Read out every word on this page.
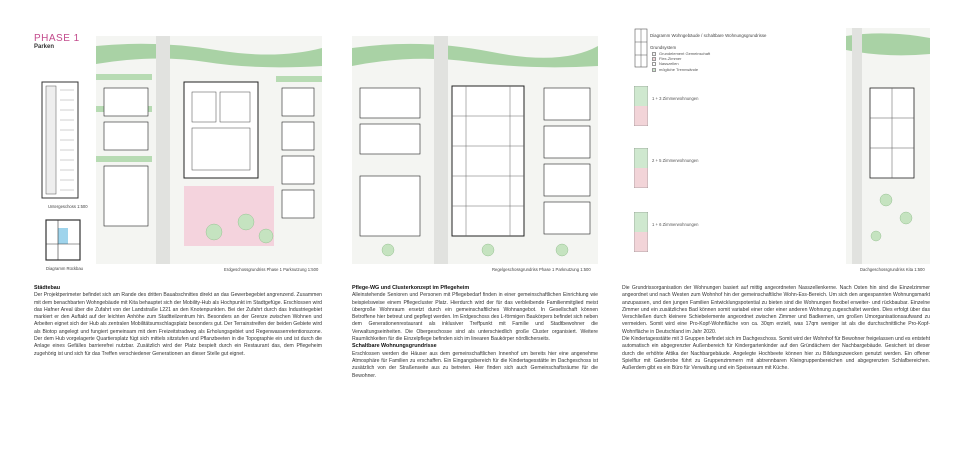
PHASE 1
Parken
Untergeschoss 1:500
Diagramm Rückbau	Erdgeschossgrundriss Phase 1 Parknutzung 1:500	Regelgeschossgrundriss Phase 1 Parknutzung 1:500
Diagramm Wohngebäude / schaltbare Wohnungsgrundrisse
Grundsystem
Grundelement Gemeinschaft
Flex-Zimmer
Nasszellen
mögliche Trennwände
1 + 3 Zimmerwohnungen
2 + 5 Zimmerwohnungen
1 + 6 Zimmerwohnungen
Dachgeschossgrundriss Kita 1:500
Städtebau

Der Projektperimeter befindet sich am Rande des dritten Bauabschnittes direkt an das Gewerbegebiet angrenzend. Zusammen mit dem benachbarten Wohngebäude mit Kita behauptet sich der Mobility-Hub als Hochpunkt im Stadtgefüge. Erschlossen wird das Hafner Areal über die Zufahrt von der Landstraße L221 an den Knotenpunkten. Bei der Zufahrt durch das Industriegebiet markiert er den Auftakt auf der leichten Anhöhe zum Stadtteilzentrum hin. Besonders an der Grenze zwischen Wohnen und Arbeiten eignet sich der Hub als zentralen Mobilitätsumschlagsplatz besonders gut. Der Terrainstreifen der beiden Gebiete wird als Biotop angelegt und fungiert gemeinsam mit dem Freizeitstradweg als Erholungsgebiet und Regenwasserretentionszone. Der dem Hub vorgelagerte Quartiersplatz fügt sich mittels sitzstufen und Pflanzbeeten in die Topographie ein und ist durch die Anlage eines Gefälles barrierefrei nutzbar. Zusätzlich wird der Platz bespielt durch ein Restaurant das, dem Pflegeheim zugehörig ist und sich für das Treffen verschiedener Generationen an dieser Stelle gut eignet.

Pflege-WG und Clusterkonzept im Pflegeheim

Alleinstehende Senioren und Personen mit Pflegebedarf finden in einer gemeinschaftlichen Einrichtung wie beispielsweise einem Pflegecluster Platz. Hierdurch wird der für das verbleibende Familienmitglied meist übergroße Wohnraum ersetzt durch ein gemeinschaftliches Wohnangebot. In Gesellschaft können Betroffene hier betreut und gepflegt werden. Im Erdgeschoss des L-förmigen Baukörpers befindet sich neben dem Generationenrestaurant als inklusiver Treffpunkt mit Familie und Stadtbewohner die Verwaltungseinheiten. Die Obergeschosse sind als unterschiedlich große Cluster organisiert. Weitere Raumlichkeiten für die Einzelpflege befinden sich im linearen Baukörper nördlicherseits.

Schaltbare Wohnungsgrundrisse

Erschlossen werden die Häuser aus dem gemeinschaftlichen Innenhof um bereits hier eine angenehme Atmosphäre für Familien zu erschaffen. Ein Eingangsbereich für die Kindertagesstätte im Dachgeschoss ist zusätzlich von der Straßenseite aus zu betreten. Hier finden sich auch Gemeinschaftsräume für die Bewohner.

Die Grundrissorganisation der Wohnungen basiert auf mittig angeordneten Nasszellenkerne. Nach Osten hin sind die Einzelzimmer angeordnet und nach Westen zum Wohnhof hin der gemeinschaftliche Wohn-Ess-Bereich. Um sich den angespannten Wohnungsmarkt anzupassen, und den jungen Familien Entwicklungspotential zu bieten sind die Wohnungen flexibel erweiter- und rückbaubar. Einzelne Zimmer und ein zusätzliches Bad können somit variabel einer oder einer anderen Wohnung zugeschaltet werden. Dies erfolgt über das Verschließen durch kleinere Schiebelemente angeordnet zwischen Zimmer und Badkernen, um großen Umorganisationsaufwand zu vermeiden. Somit wird eine Pro-Kopf-Wohnfläche von ca. 30qm erzielt, was 17qm weniger ist als die durchschnittliche Pro-Kopf-Wohnfläche in Deutschland im Jahr 2020.

Die Kindertagesstätte mit 3 Gruppen befindet sich im Dachgeschoss. Somit wird der Wohnhof für Bewohner freigelassen und es entsteht automatisch ein abgegrenzter Außenbereich für Kindergartenkinder auf den Gründächern der Nachbargebäude. Gesichert ist dieser durch die erhöhte Attika der Nachbargebäude. Angelegte Hochbeete können hier zu Bildungszwecken genutzt werden. Ein offener Spielflur mit Garderobe führt zu Gruppenzimmern mit abtrennbaren Kleingruppenbereichen und abgegrenzten Schlafbereichen. Außerdem gibt es ein Büro für Verwaltung und ein Speiseraum mit Küche.
